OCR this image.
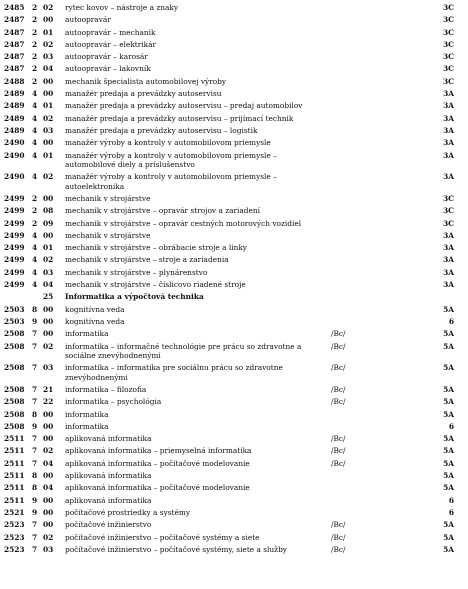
2485	2	02	rytec kovov – nástroje a znaky		3C
2487	2	00	autoopravár		3C
2487	2	01	autoopravár – mechanik		3C
2487	2	02	autoopravár – elektrikár		3C
2487	2	03	autoopravár – karosár		3C
2487	2	04	autoopravár – lakovník		3C
2488	2	00	mechanik špecialista automobilovej výroby		3C
2489	4	00	manažér predaja a prevádzky autoservisu		3A
2489	4	01	manažér predaja a prevádzky autoservisu – predaj automobilov		3A
2489	4	02	manažér predaja a prevádzky autoservisu – prijímací technik		3A
2489	4	03	manažér predaja a prevádzky autoservisu – logistik		3A
2490	4	00	manažér výroby a kontroly v automobilovom priemysle		3A
2490	4	01	manažér výroby a kontroly v automobilovom priemysle – automobilové diely a príslušenstvo		3A
2490	4	02	manažér výroby a kontroly v automobilovom priemysle – autoelektronika		3A
2499	2	00	mechanik v strojárstve		3C
2499	2	08	mechanik v strojárstve – opravár strojov a zariadení		3C
2499	2	09	mechanik v strojárstve – opravár cestných motorových vozidiel		3C
2499	4	00	mechanik v strojárstve		3A
2499	4	01	mechanik v strojárstve – obrábacie stroje a linky		3A
2499	4	02	mechanik v strojárstve – stroje a zariadenia		3A
2499	4	03	mechanik v strojárstve – plynárenstvo		3A
2499	4	04	mechanik v strojárstve – číslicovo riadené stroje		3A
		25	Informatika a výpočtová technika		
2503	8	00	kognitívna veda		5A
2503	9	00	kognitívna veda		6
2508	7	00	informatika	/Bc/	5A
2508	7	02	informatika – informačné technológie pre prácu so zdravotne a sociálne znevýhodnenými	/Bc/	5A
2508	7	03	informatika – informatika pre sociálnu prácu so zdravotne znevýhodnenými	/Bc/	5A
2508	7	21	informatika – filozofia	/Bc/	5A
2508	7	22	informatika – psychológia	/Bc/	5A
2508	8	00	informatika		5A
2508	9	00	informatika		6
2511	7	00	aplikovaná informatika	/Bc/	5A
2511	7	02	aplikovaná informatika – priemyselná informatika	/Bc/	5A
2511	7	04	aplikovaná informatika – počítačové modelovanie	/Bc/	5A
2511	8	00	aplikovaná informatika		5A
2511	8	04	aplikovaná informatika – počítačové modelovanie		5A
2511	9	00	aplikovaná informatika		6
2521	9	00	počítačové prostriedky a systémy		6
2523	7	00	počítačové inžinierstvo	/Bc/	5A
2523	7	02	počítačové inžinierstvo – počítačové systémy a siete	/Bc/	5A
2523	7	03	počítačové inžinierstvo – počítačové systémy, siete a služby	/Bc/	5A
